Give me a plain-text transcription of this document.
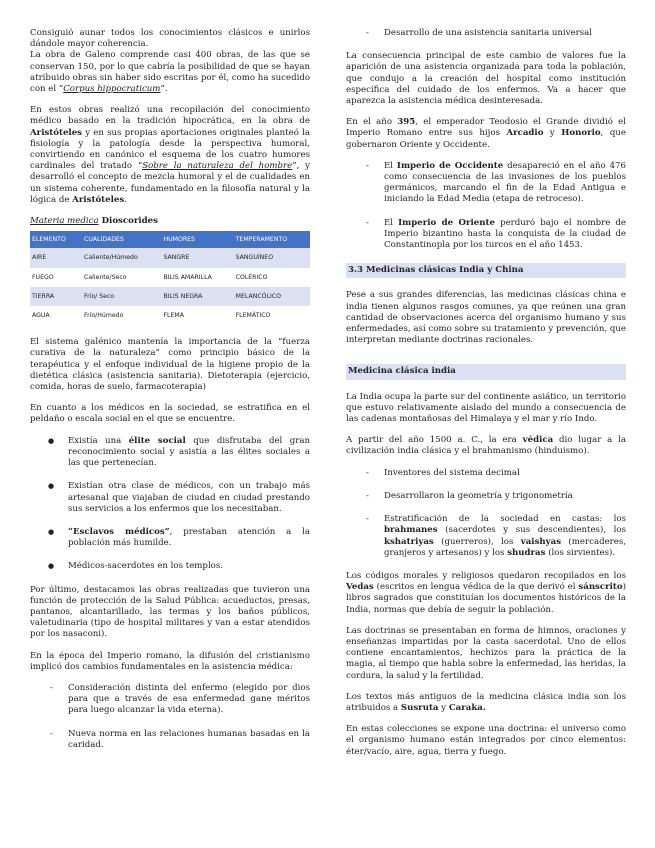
Consiguió aunar todos los conocimientos clásicos e unirlos dándole mayor coherencia.
La obra de Galeno comprende casi 400 obras, de las que se conservan 150, por lo que cabría la posibilidad de que se hayan atribuido obras sin haber sido escritas por él, como ha sucedido con el “Corpus hippocraticum”.

En estos obras realizó una recopilación del conocimiento médico basado en la tradición hipocrática, en la obra de Aristóteles y en sus propias aportaciones originales planteó la fisiología y la patología desde la perspectiva humoral, convirtiendo en canónico el esquema de los cuatro humores cardinales del tratado “Sobre la naturaleza del hombre”, y desarrolló el concepto de mezcla humoral y el de cualidades en un sistema coherente, fundamentado en la filosofía natural y la lógica de Aristóteles.

Materia medica Dioscorides

ELEMENTO	CUALIDADES	HUMORES	TEMPERAMENTO
AIRE	Caliente/Húmedo	SANGRE	SANGUÍNEO
FUEGO	Caliente/Seco	BILIS AMARILLA	COLÉRICO
TIERRA	Frío/ Seco	BILIS NEGRA	MELANCÓLICO
AGUA	Frío/Húmedo	FLEMA	FLEMÁTICO

El sistema galénico mantenía la importancia de la “fuerza curativa de la naturaleza” como principio básico de la terapéutica y el enfoque individual de la higiene propio de la dietética clásica (asistencia sanitaria). Dietoterapia (ejercicio, comida, horas de suelo, farmacoterapia)

En cuanto a los médicos en la sociedad, se estratifica en el peldaño o escala social en el que se encuentre.

● Existía una élite social que disfrutaba del gran reconocimiento social y asistía a las élites sociales a las que pertenecían.
● Existían otra clase de médicos, con un trabajo más artesanal que viajaban de ciudad en ciudad prestando sus servicios a los enfermos que los necesitaban.
● “Esclavos médicos”, prestaban atención a la población más humilde.
● Médicos-sacerdotes en los templos.

Por último, destacamos las obras realizadas que tuvieron una función de protección de la Salud Pública: acueductos, presas, pantanos, alcantarillado, las termas y los baños públicos, valetudinaria (tipo de hospital militares y van a estar atendidos por los nasaconi).

En la época del Imperio romano, la difusión del cristianismo implicó dos cambios fundamentales en la asistencia médica:

- Consideración distinta del enfermo (elegido por dios para que a través de esa enfermedad gane méritos para luego alcanzar la vida eterna).
- Nueva norma en las relaciones humanas basadas en la caridad.
- Desarrollo de una asistencia sanitaria universal

La consecuencia principal de este cambio de valores fue la aparición de una asistencia organizada para toda la población, que condujo a la creación del hospital como institución específica del cuidado de los enfermos. Va a hacer que aparezca la asistencia médica desinteresada.

En el año 395, el emperador Teodosio el Grande dividió el Imperio Romano entre sus hijos Arcadio y Honorio, que gobernaron Oriente y Occidente.

- El Imperio de Occidente desapareció en el año 476 como consecuencia de las invasiones de los pueblos germánicos, marcando el fin de la Edad Antigua e iniciando la Edad Media (etapa de retroceso).
- El Imperio de Oriente perduró bajo el nombre de Imperio bizantino hasta la conquista de la ciudad de Constantinopla por los turcos en el año 1453.
3.3 Medicinas clásicas India y China

Pese a sus grandes diferencias, las medicinas clásicas china e india tienen algunos rasgos comunes, ya que reúnen una gran cantidad de observaciones acerca del organismo humano y sus enfermedades, así como sobre su tratamiento y prevención, que interpretan mediante doctrinas racionales.

Medicina clásica india

La India ocupa la parte sur del continente asiático, un territorio que estuvo relativamente aislado del mundo a consecuencia de las cadenas montañosas del Himalaya y el mar y río Indo.

A partir del año 1500 a. C., la era védica dio lugar a la civilización india clásica y el brahmanismo (hinduismo).

- Inventores del sistema decimal
- Desarrollaron la geometría y trigonometría
- Estratificación de la sociedad en castas: los brahmanes (sacerdotes y sus descendientes), los kshatriyas (guerreros), los vaishyas (mercaderes, granjeros y artesanos) y los shudras (los sirvientes).

Los códigos morales y religiosos quedaron recopilados en los Vedas (escritos en lengua védica de la que derivó el sánscrito) libros sagrados que constituían los documentos históricos de la India, normas que debía de seguir la población.

Las doctrinas se presentaban en forma de himnos, oraciones y enseñanzas impartidas por la casta sacerdotal. Uno de ellos contiene encantamientos, hechizos para la práctica de la magia, al tiempo que habla sobre la enfermedad, las heridas, la cordura, la salud y la fertilidad.

Los textos más antiguos de la medicina clásica india son los atribuidos a Susruta y Caraka.

En estas colecciones se expone una doctrina: el universo como el organismo humano están integrados por cinco elementos: éter/vacío, aire, agua, tierra y fuego.
